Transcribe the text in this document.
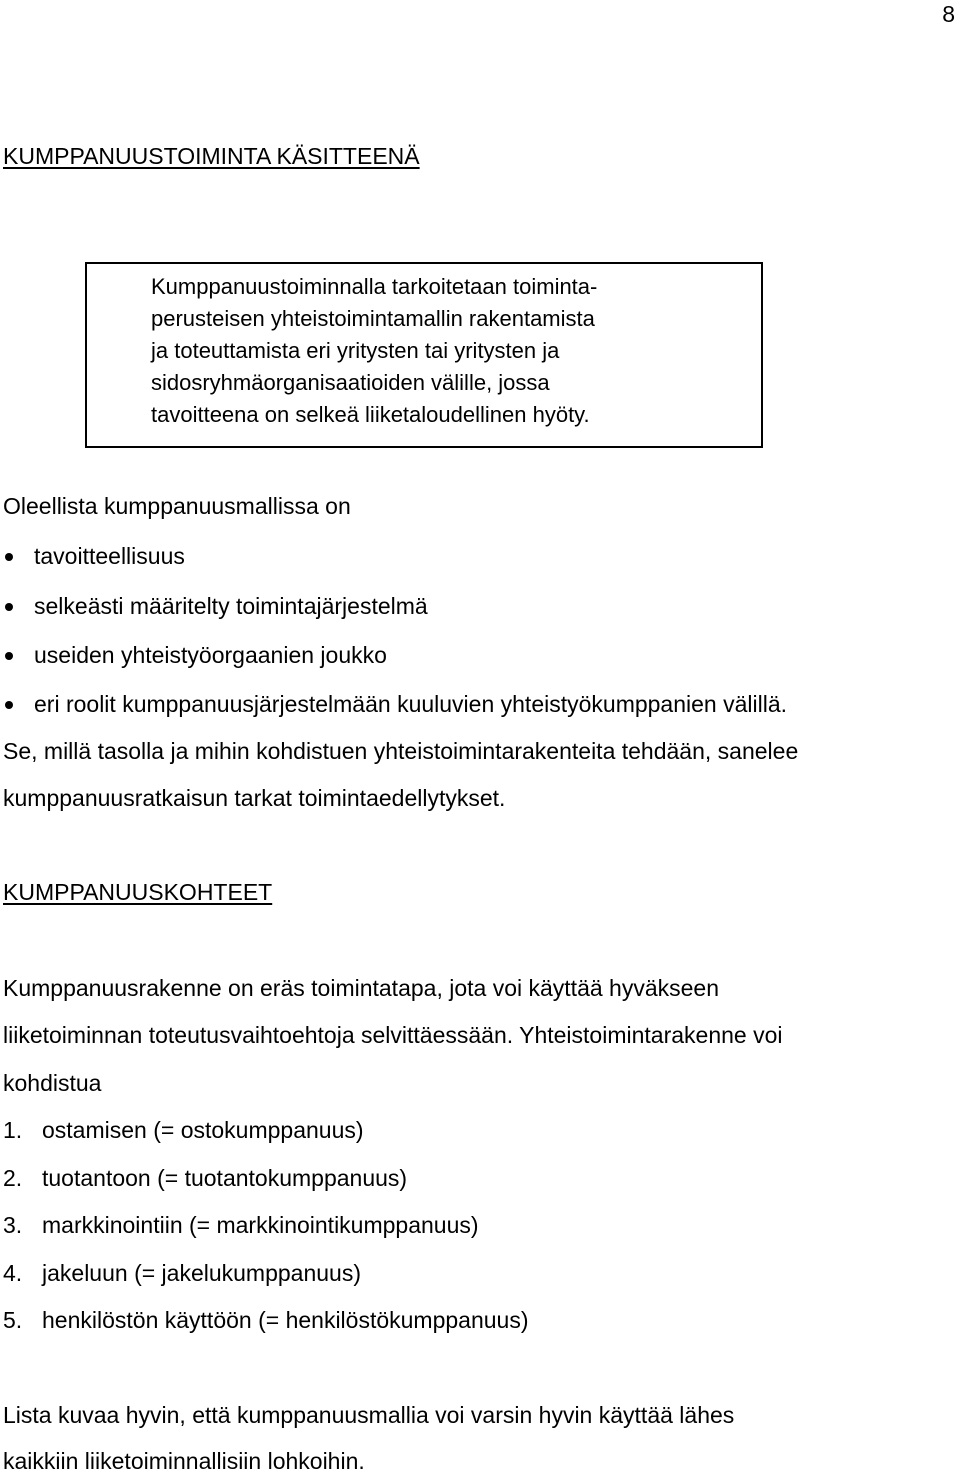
8
KUMPPANUUSTOIMINTA KÄSITTEENÄ

Kumppanuustoiminnalla tarkoitetaan toiminta-

perusteisen yhteistoimintamallin rakentamista

ja toteuttamista eri yritysten tai yritysten ja

sidosryhmäorganisaatioiden välille, jossa

tavoitteena on selkeä liiketaloudellinen hyöty.

Oleellista kumppanuusmallissa on

tavoitteellisuus
selkeästi määritelty toimintajärjestelmä
useiden yhteistyöorgaanien joukko
eri roolit kumppanuusjärjestelmään kuuluvien yhteistyökumppanien välillä.

Se, millä tasolla ja mihin kohdistuen yhteistoimintarakenteita tehdään, sanelee

kumppanuusratkaisun tarkat toimintaedellytykset.

KUMPPANUUSKOHTEET

Kumppanuusrakenne on eräs toimintatapa, jota voi käyttää hyväkseen

liiketoiminnan toteutusvaihtoehtoja selvittäessään. Yhteistoimintarakenne voi

kohdistua

1. ostamisen (= ostokumppanuus)
2. tuotantoon (= tuotantokumppanuus)
3. markkinointiin (= markkinointikumppanuus)
4. jakeluun (= jakelukumppanuus)
5. henkilöstön käyttöön (= henkilöstökumppanuus)

Lista kuvaa hyvin, että kumppanuusmallia voi varsin hyvin käyttää lähes

kaikkiin liiketoiminnallisiin lohkoihin.
